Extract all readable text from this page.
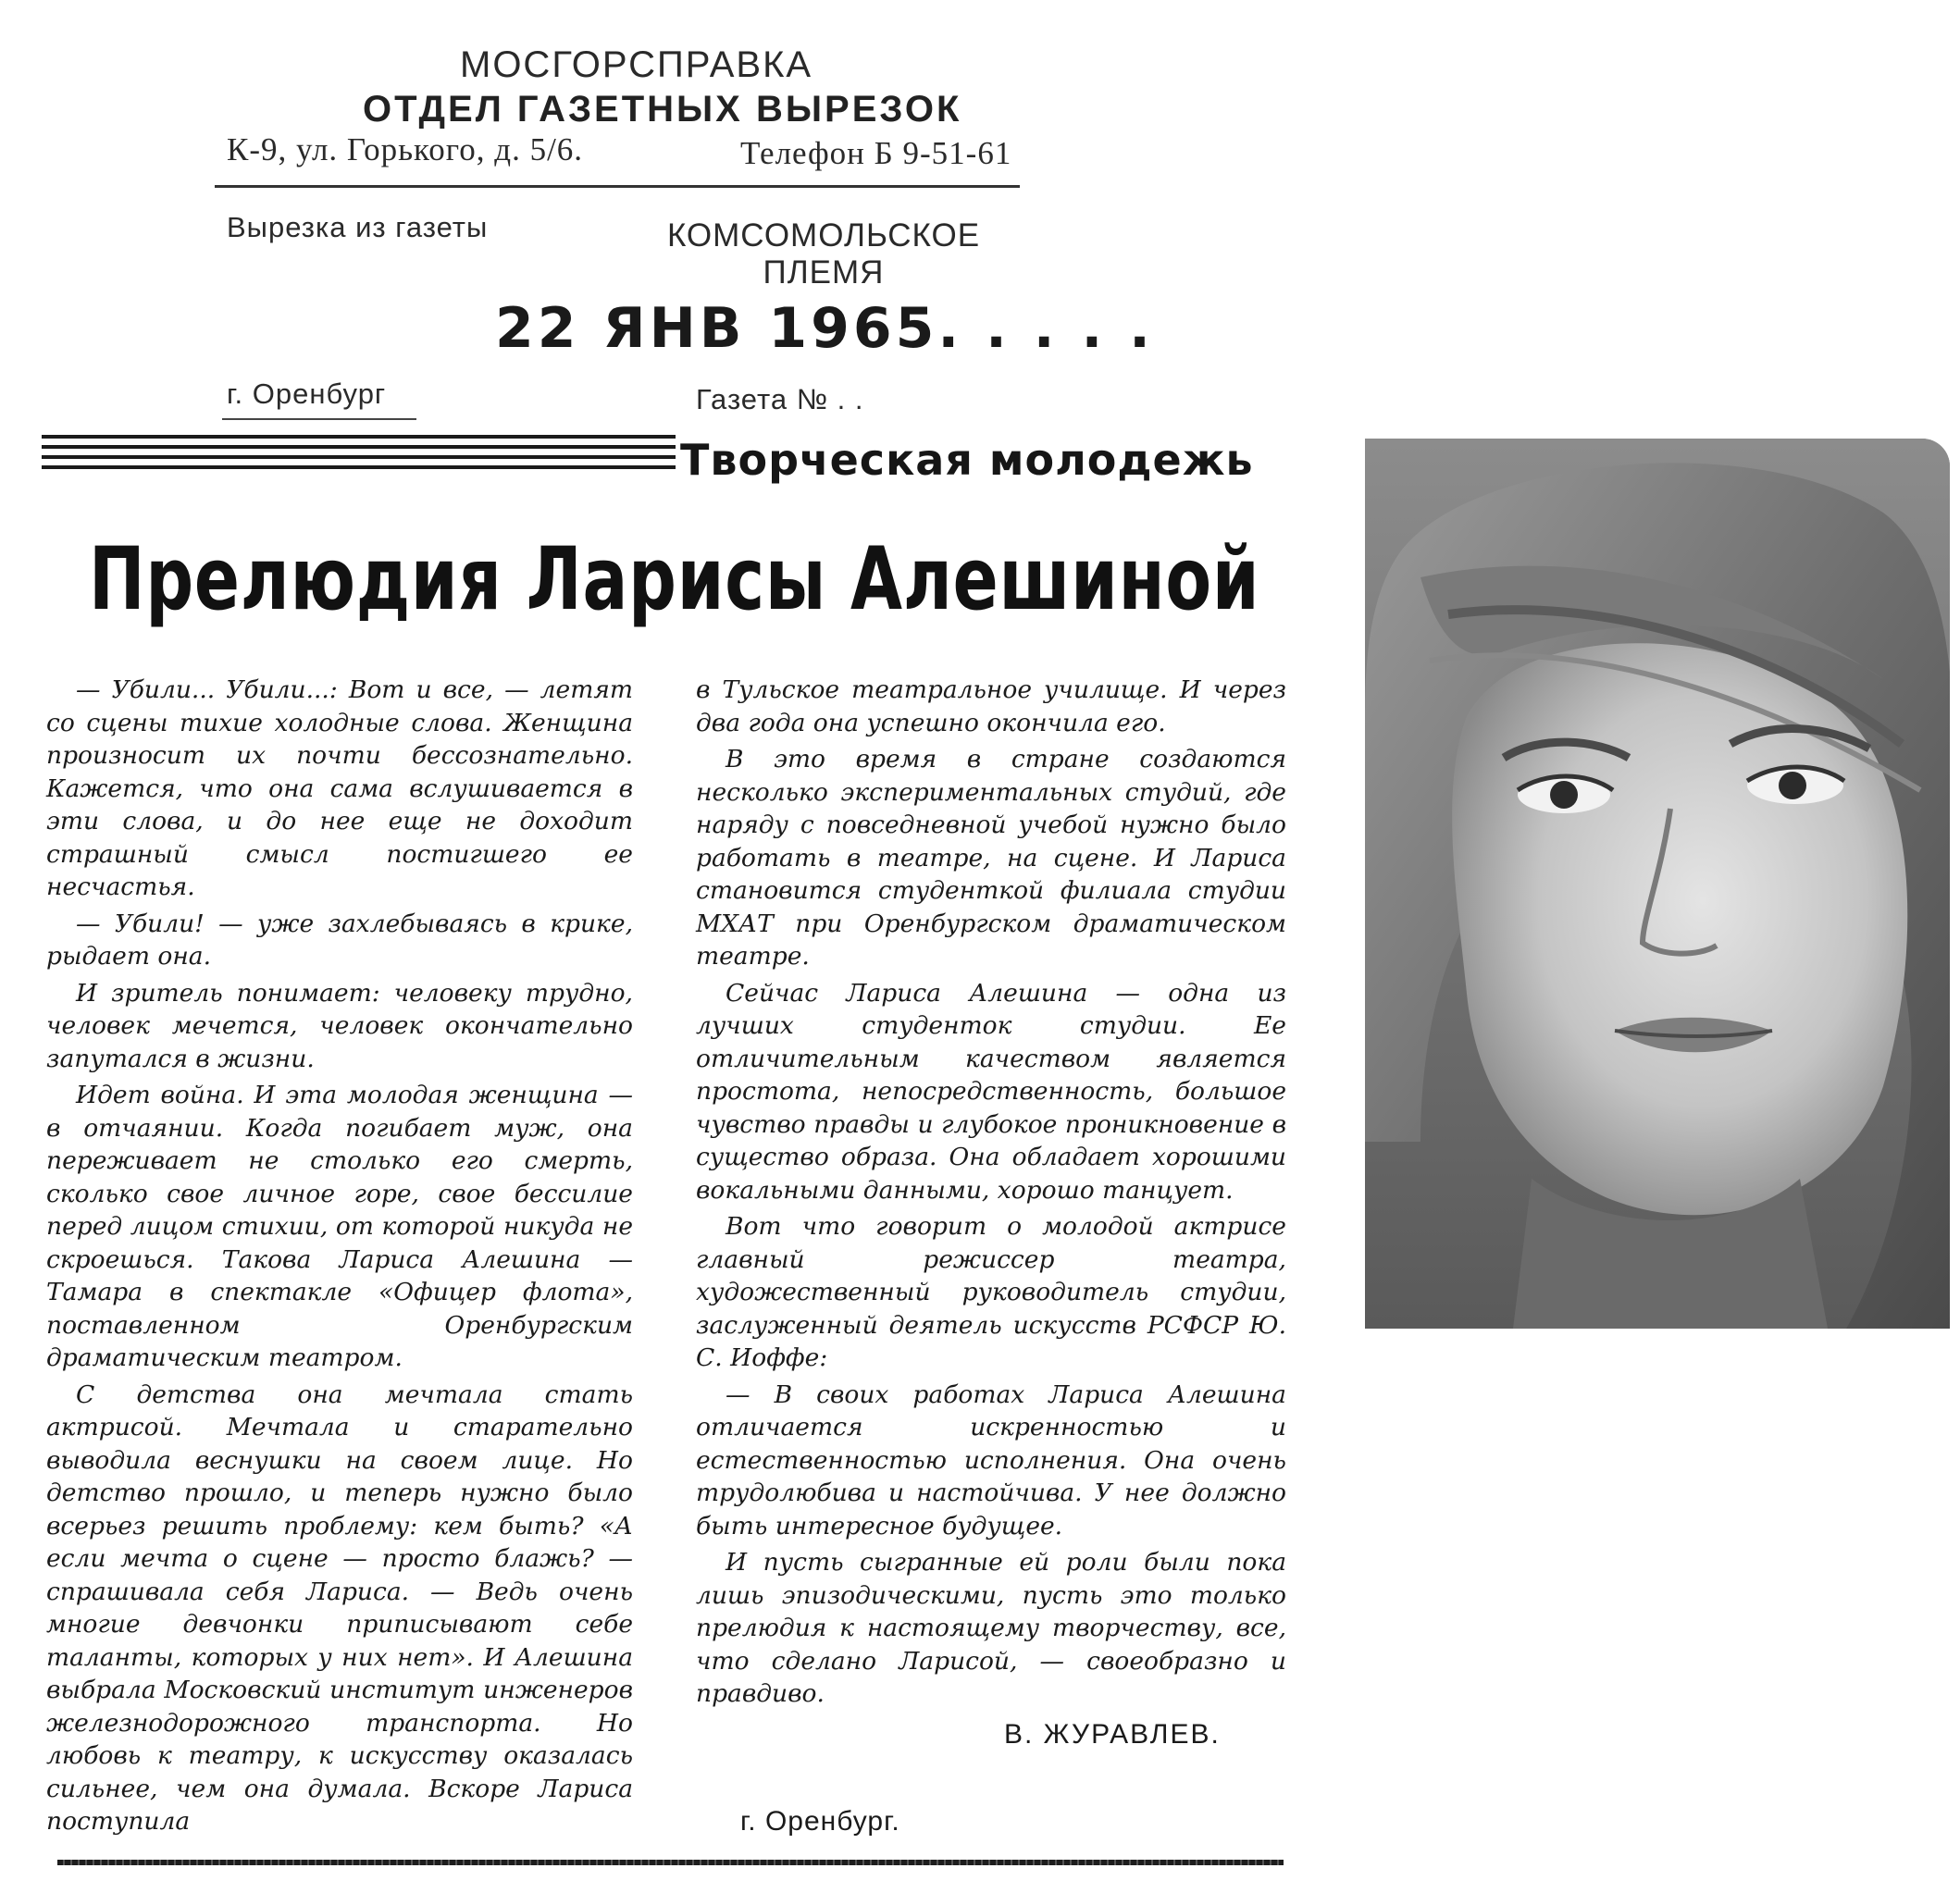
МОСГОРСПРАВКА
ОТДЕЛ ГАЗЕТНЫХ ВЫРЕЗОК
К-9, ул. Горького, д. 5/6.	Телефон Б 9-51-61
Вырезка из газеты	КОМСОМОЛЬСКОЕ
ПЛЕМЯ
22 ЯНВ 1965. . . . .
г. Оренбург	Газета № . .
Творческая молодежь
Прелюдия Ларисы Алешиной

— Убили... Убили...: Вот и все, — летят со сцены тихие холодные слова. Женщина произносит их почти бессознательно. Кажется, что она сама вслушивается в эти слова, и до нее еще не доходит страшный смысл постигшего ее несчастья.

— Убили! — уже захлебываясь в крике, рыдает она.

И зритель понимает: человеку трудно, человек мечется, человек окончательно запутался в жизни.

Идет война. И эта молодая женщина — в отчаянии. Когда погибает муж, она переживает не столько его смерть, сколько свое личное горе, свое бессилие перед лицом стихии, от которой никуда не скроешься. Такова Лариса Алешина — Тамара в спектакле «Офицер флота», поставленном Оренбургским драматическим театром.

С детства она мечтала стать актрисой. Мечтала и старательно выводила веснушки на своем лице. Но детство прошло, и теперь нужно было всерьез решить проблему: кем быть? «А если мечта о сцене — просто блажь? — спрашивала себя Лариса. — Ведь очень многие девчонки приписывают себе таланты, которых у них нет». И Алешина выбрала Московский институт инженеров железнодорожного транспорта. Но любовь к театру, к искусству оказалась сильнее, чем она думала. Вскоре Лариса поступила

в Тульское театральное училище. И через два года она успешно окончила его.

В это время в стране создаются несколько экспериментальных студий, где наряду с повседневной учебой нужно было работать в театре, на сцене. И Лариса становится студенткой филиала студии МХАТ при Оренбургском драматическом театре.

Сейчас Лариса Алешина — одна из лучших студенток студии. Ее отличительным качеством является простота, непосредственность, большое чувство правды и глубокое проникновение в существо образа. Она обладает хорошими вокальными данными, хорошо танцует.

Вот что говорит о молодой актрисе главный режиссер театра, художественный руководитель студии, заслуженный деятель искусств РСФСР Ю. С. Иоффе:

— В своих работах Лариса Алешина отличается искренностью и естественностью исполнения. Она очень трудолюбива и настойчива. У нее должно быть интересное будущее.

И пусть сыгранные ей роли были пока лишь эпизодическими, пусть это только прелюдия к настоящему творчеству, все, что сделано Ларисой, — своеобразно и правдиво.

В. ЖУРАВЛЕВ.
г. Оренбург.
